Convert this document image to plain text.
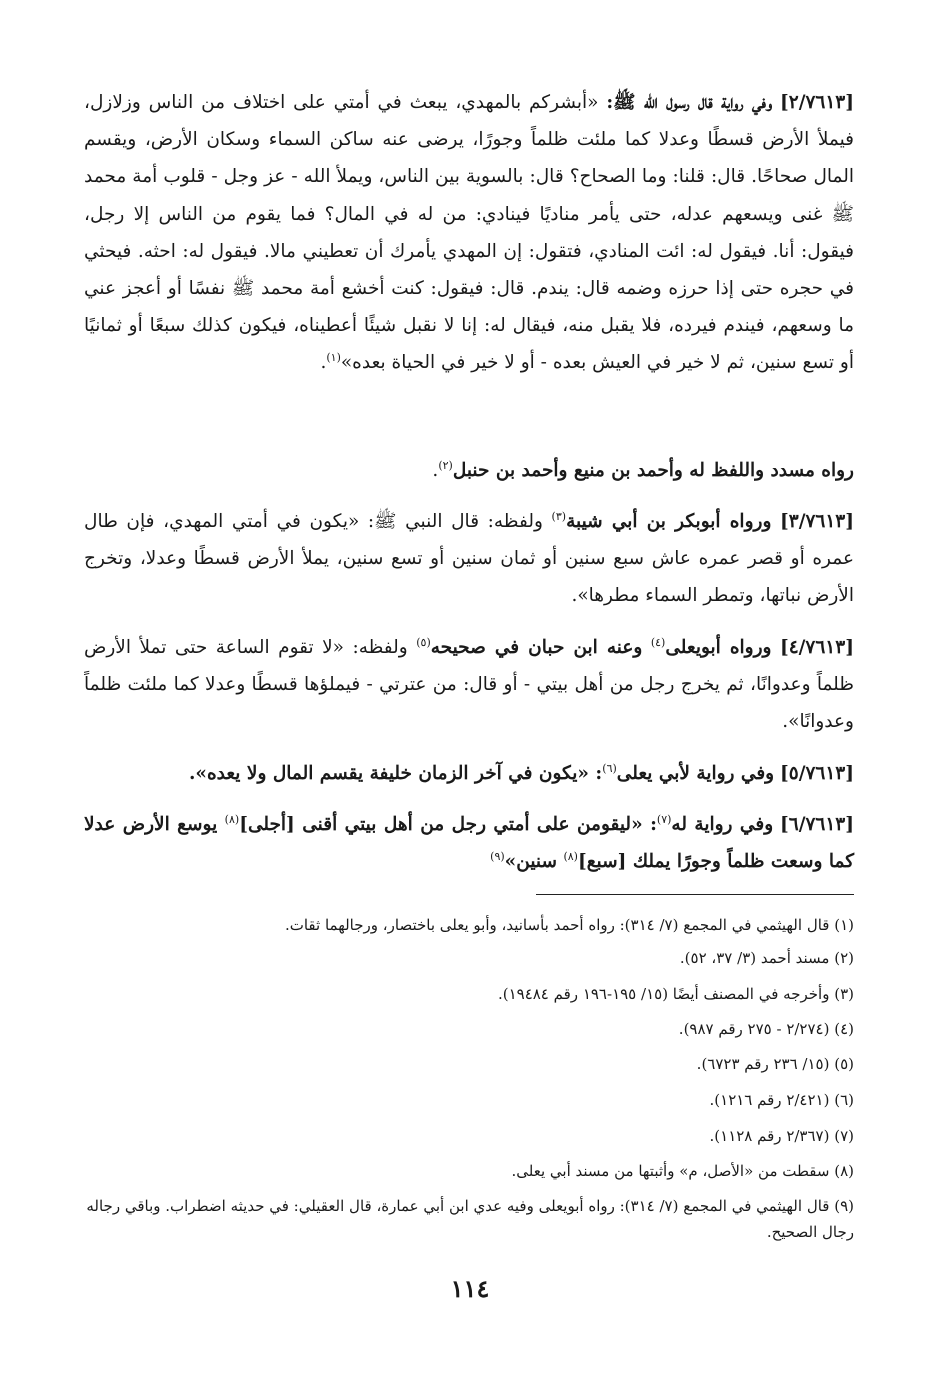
[٢/٧٦١٣] وفي رواية قال رسول الله ﷺ: «أبشركم بالمهدي، يبعث في أمتي على اختلاف من الناس وزلازل، فيملأ الأرض قسطًا وعدلا كما ملئت ظلماً وجورًا، يرضى عنه ساكن السماء وسكان الأرض، ويقسم المال صحاحًا. قال: قلنا: وما الصحاح؟ قال: بالسوية بين الناس، ويملأ الله - عز وجل - قلوب أمة محمد ﷺ غنى ويسعهم عدله، حتى يأمر مناديًا فينادي: من له في المال؟ فما يقوم من الناس إلا رجل، فيقول: أنا. فيقول له: ائت المنادي، فتقول: إن المهدي يأمرك أن تعطيني مالا. فيقول له: احثه. فيحثي في حجره حتى إذا حرزه وضمه قال: يندم. قال: فيقول: كنت أخشع أمة محمد ﷺ نفسًا أو أعجز عني ما وسعهم، فيندم فيرده، فلا يقبل منه، فيقال له: إنا لا نقبل شيئًا أعطيناه، فيكون كذلك سبعًا أو ثمانيًا أو تسع سنين، ثم لا خير في العيش بعده - أو لا خير في الحياة بعده»$^{(١)}$.
رواه مسدد واللفظ له وأحمد بن منيع وأحمد بن حنبل$^{(٢)}$.
[٣/٧٦١٣] ورواه أبوبكر بن أبي شيبة$^{(٣)}$ ولفظه: قال النبي ﷺ: «يكون في أمتي المهدي، فإن طال عمره أو قصر عمره عاش سبع سنين أو ثمان سنين أو تسع سنين، يملأ الأرض قسطًا وعدلا، وتخرج الأرض نباتها، وتمطر السماء مطرها».
[٤/٧٦١٣] ورواه أبويعلى$^{(٤)}$ وعنه ابن حبان في صحيحه$^{(٥)}$ ولفظه: «لا تقوم الساعة حتى تملأ الأرض ظلماً وعدوانًا، ثم يخرج رجل من أهل بيتي - أو قال: من عترتي - فيملؤها قسطًا وعدلا كما ملئت ظلماً وعدوانًا».
[٥/٧٦١٣] وفي رواية لأبي يعلى$^{(٦)}$: «يكون في آخر الزمان خليفة يقسم المال ولا يعده».
[٦/٧٦١٣] وفي رواية له$^{(٧)}$: «ليقومن على أمتي رجل من أهل بيتي أقنى [أجلى]$^{(٨)}$ يوسع الأرض عدلا كما وسعت ظلماً وجورًا يملك [سبع]$^{(٨)}$ سنين»$^{(٩)}$
(١) قال الهيثمي في المجمع (٧/ ٣١٤): رواه أحمد بأسانيد، وأبو يعلى باختصار، ورجالهما ثقات.
(٢) مسند أحمد (٣/ ٣٧، ٥٢).
(٣) وأخرجه في المصنف أيضًا (١٥/ ١٩٥-١٩٦ رقم ١٩٤٨٤).
(٤) (٢/٢٧٤ - ٢٧٥ رقم ٩٨٧).
(٥) (١٥/ ٢٣٦ رقم ٦٧٢٣).
(٦) (٢/٤٢١ رقم ١٢١٦).
(٧) (٢/٣٦٧ رقم ١١٢٨).
(٨) سقطت من «الأصل، م» وأثبتها من مسند أبي يعلى.
(٩) قال الهيثمي في المجمع (٧/ ٣١٤): رواه أبويعلى وفيه عدي ابن أبي عمارة، قال العقيلي: في حديثه اضطراب. وباقي رجاله رجال الصحيح.
١١٤
